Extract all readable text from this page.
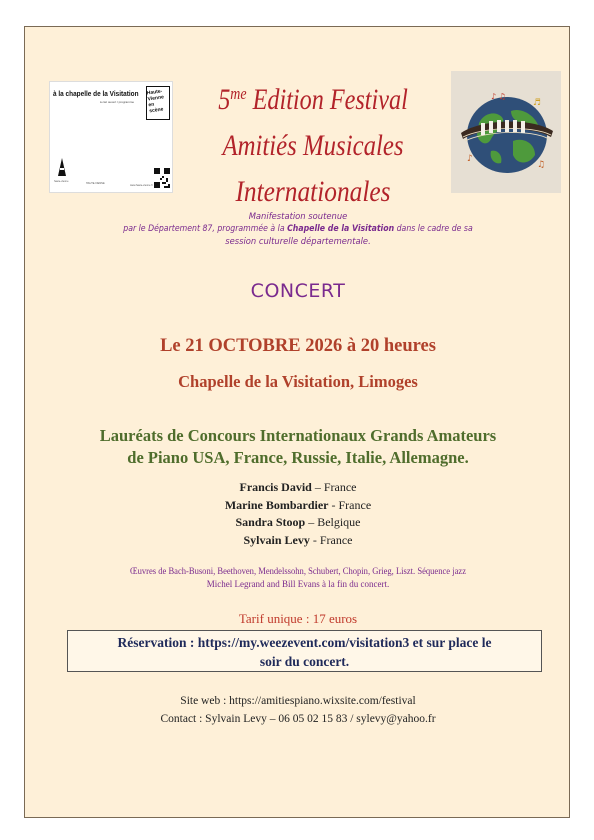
à la chapelle de la Visitation
à ciel ouvert / programme
Haute-Vienne en scène
haute-vienne
HAUTE-VIENNE
www.haute-vienne.fr
$5^{me}$ Edition Festival
Amitiés Musicales
Internationales
♪ ♫
♪
♫
♬
Manifestation soutenue
par le Département 87, programmée à la Chapelle de la Visitation dans le cadre de sa
session culturelle départementale.
CONCERT
Le 21 OCTOBRE 2026 à 20 heures
Chapelle de la Visitation, Limoges
Lauréats de Concours Internationaux Grands Amateurs
de Piano USA, France, Russie, Italie, Allemagne.
Francis David – France
Marine Bombardier - France
Sandra Stoop – Belgique
Sylvain Levy - France
Œuvres de Bach-Busoni, Beethoven, Mendelssohn, Schubert, Chopin, Grieg, Liszt. Séquence jazz
Michel Legrand and Bill Evans à la fin du concert.
Tarif unique : 17 euros
Réservation : https://my.weezevent.com/visitation3 et sur place le
soir du concert.
Site web : https://amitiespiano.wixsite.com/festival
Contact : Sylvain Levy – 06 05 02 15 83 / sylevy@yahoo.fr
